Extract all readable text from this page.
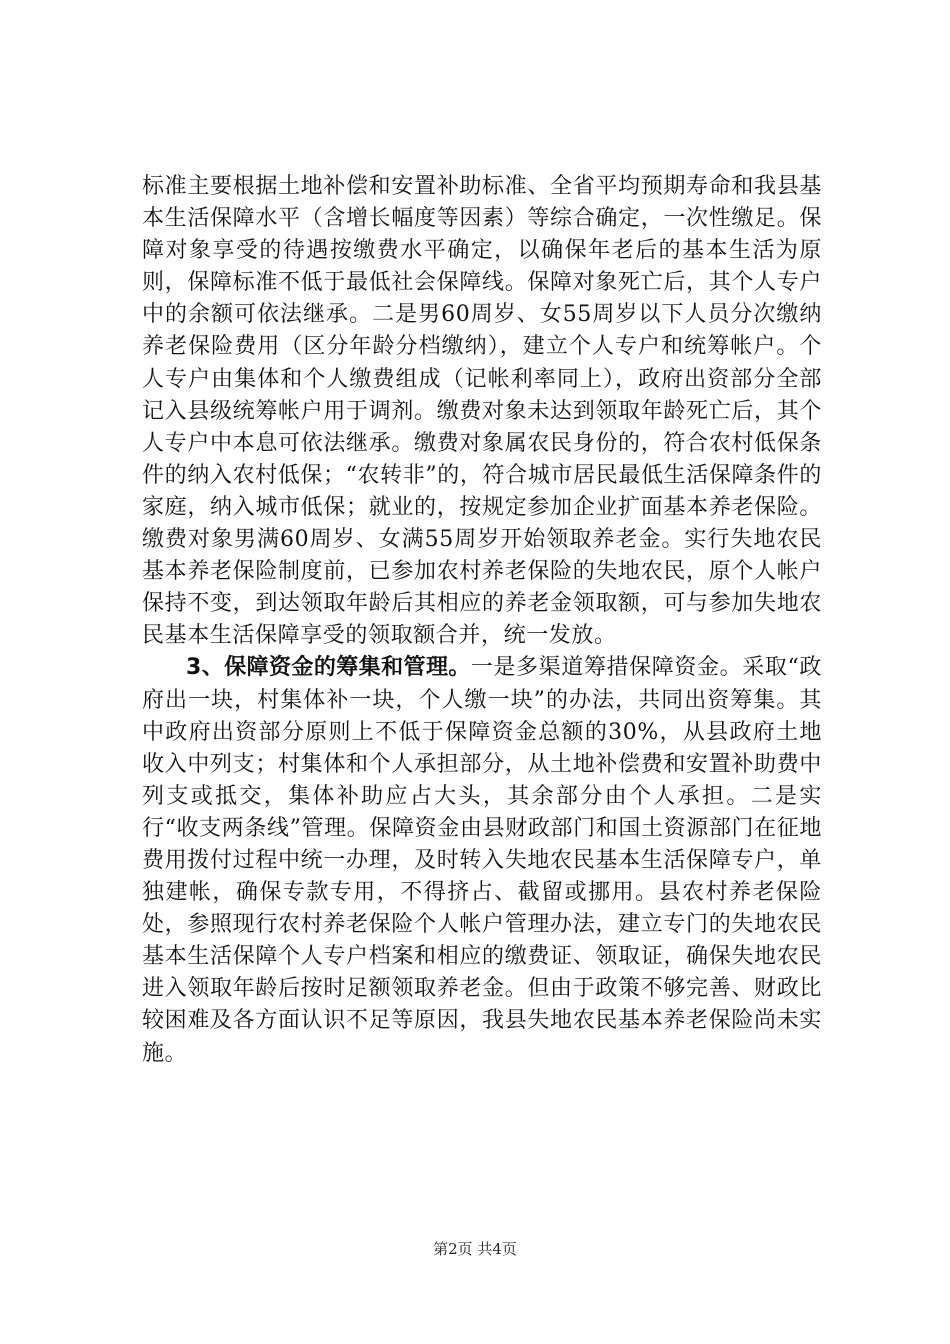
标准主要根据土地补偿和安置补助标准、全省平均预期寿命和我县基本生活保障水平（含增长幅度等因素）等综合确定，一次性缴足。保障对象享受的待遇按缴费水平确定，以确保年老后的基本生活为原则，保障标准不低于最低社会保障线。保障对象死亡后，其个人专户中的余额可依法继承。二是男60周岁、女55周岁以下人员分次缴纳养老保险费用（区分年龄分档缴纳），建立个人专户和统筹帐户。个人专户由集体和个人缴费组成（记帐利率同上），政府出资部分全部记入县级统筹帐户用于调剂。缴费对象未达到领取年龄死亡后，其个人专户中本息可依法继承。缴费对象属农民身份的，符合农村低保条件的纳入农村低保；“农转非”的，符合城市居民最低生活保障条件的家庭，纳入城市低保；就业的，按规定参加企业扩面基本养老保险。缴费对象男满60周岁、女满55周岁开始领取养老金。实行失地农民基本养老保险制度前，已参加农村养老保险的失地农民，原个人帐户保持不变，到达领取年龄后其相应的养老金领取额，可与参加失地农民基本生活保障享受的领取额合并，统一发放。

3、保障资金的筹集和管理。一是多渠道筹措保障资金。采取“政府出一块，村集体补一块，个人缴一块”的办法，共同出资筹集。其中政府出资部分原则上不低于保障资金总额的30%，从县政府土地收入中列支；村集体和个人承担部分，从土地补偿费和安置补助费中列支或抵交，集体补助应占大头，其余部分由个人承担。二是实行“收支两条线”管理。保障资金由县财政部门和国土资源部门在征地费用拨付过程中统一办理，及时转入失地农民基本生活保障专户，单独建帐，确保专款专用，不得挤占、截留或挪用。县农村养老保险处，参照现行农村养老保险个人帐户管理办法，建立专门的失地农民基本生活保障个人专户档案和相应的缴费证、领取证，确保失地农民进入领取年龄后按时足额领取养老金。但由于政策不够完善、财政比较困难及各方面认识不足等原因，我县失地农民基本养老保险尚未实施。

第2页 共4页
